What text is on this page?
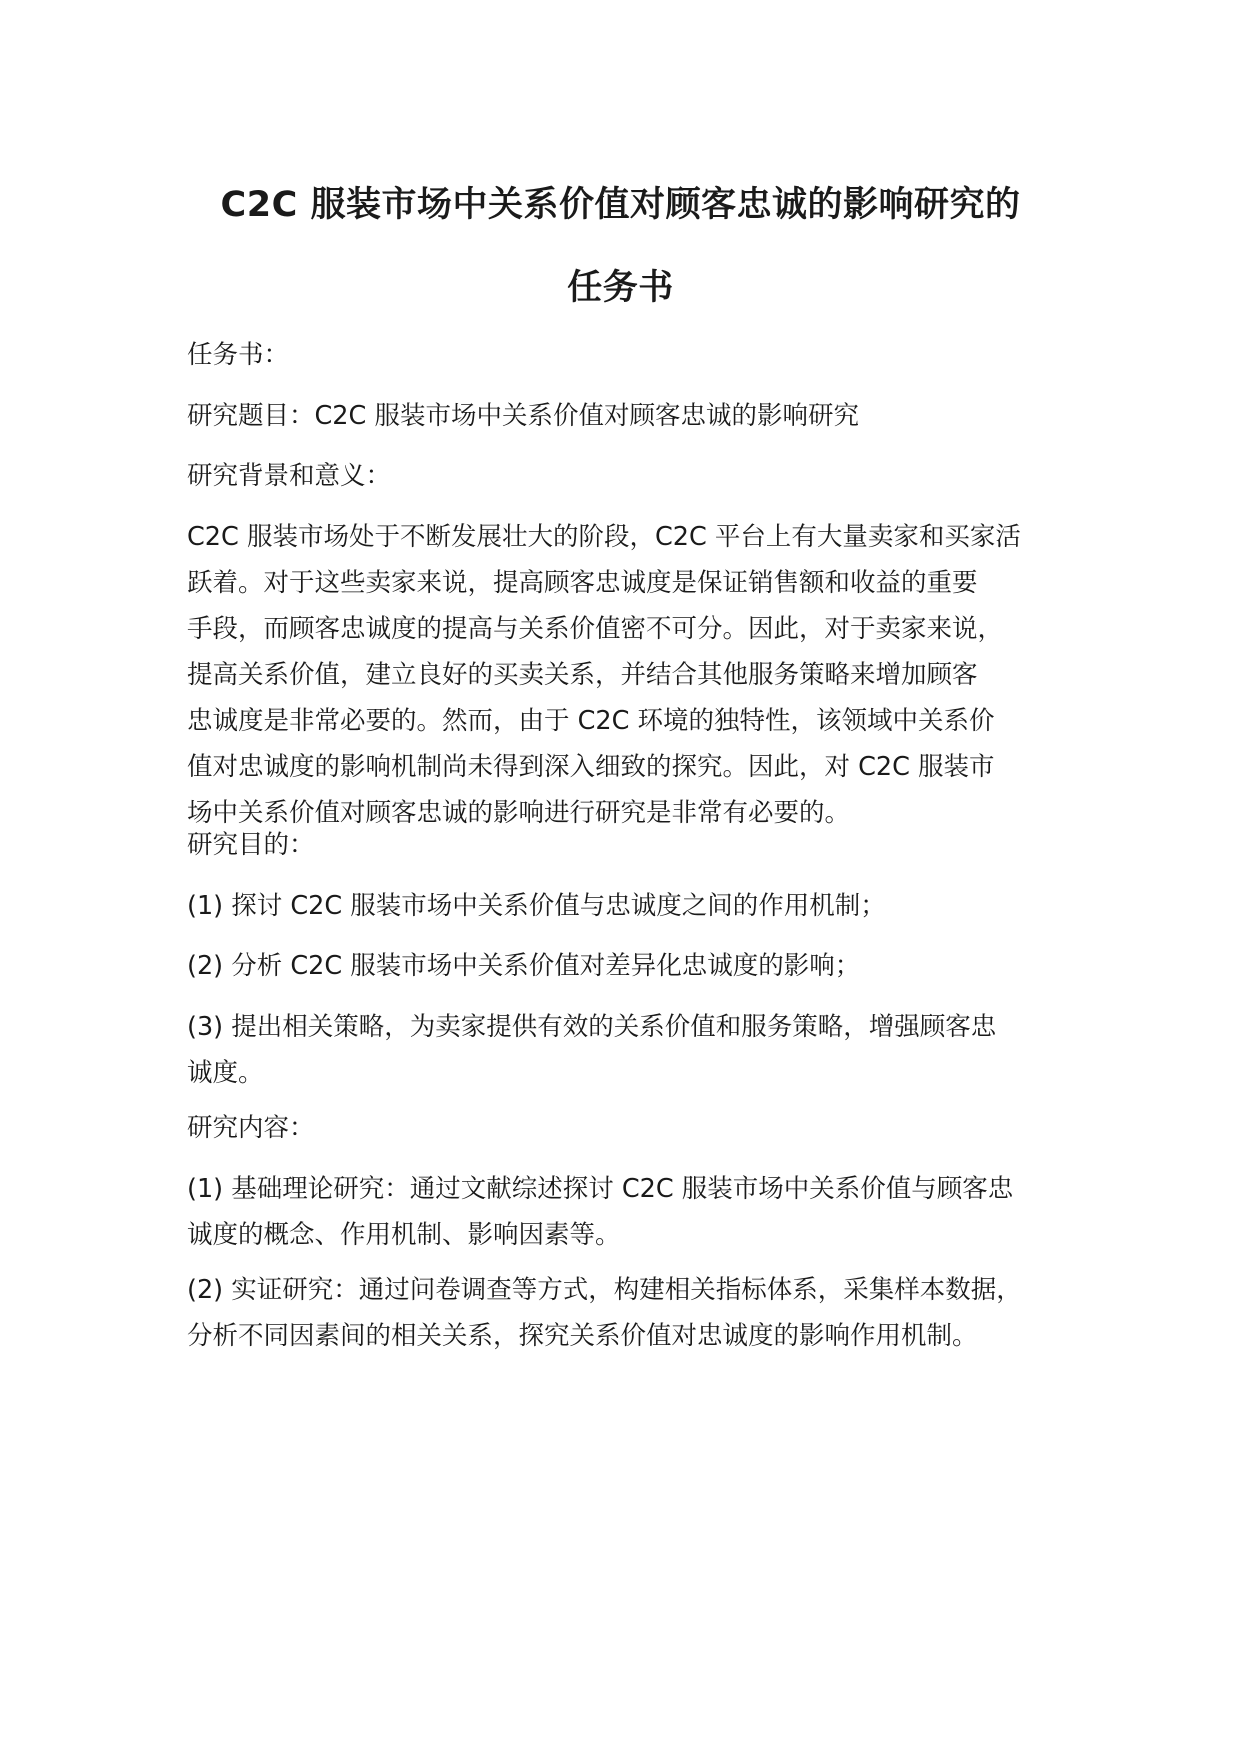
C2C 服装市场中关系价值对顾客忠诚的影响研究的
任务书

任务书：

研究题目：C2C 服装市场中关系价值对顾客忠诚的影响研究

研究背景和意义：

C2C 服装市场处于不断发展壮大的阶段，C2C 平台上有大量卖家和买家活
跃着。对于这些卖家来说，提高顾客忠诚度是保证销售额和收益的重要
手段，而顾客忠诚度的提高与关系价值密不可分。因此，对于卖家来说，
提高关系价值，建立良好的买卖关系，并结合其他服务策略来增加顾客
忠诚度是非常必要的。然而，由于 C2C 环境的独特性，该领域中关系价
值对忠诚度的影响机制尚未得到深入细致的探究。因此，对 C2C 服装市
场中关系价值对顾客忠诚的影响进行研究是非常有必要的。

研究目的：

(1) 探讨 C2C 服装市场中关系价值与忠诚度之间的作用机制；

(2) 分析 C2C 服装市场中关系价值对差异化忠诚度的影响；

(3) 提出相关策略，为卖家提供有效的关系价值和服务策略，增强顾客忠
诚度。

研究内容：

(1) 基础理论研究：通过文献综述探讨 C2C 服装市场中关系价值与顾客忠
诚度的概念、作用机制、影响因素等。

(2) 实证研究：通过问卷调查等方式，构建相关指标体系，采集样本数据，
分析不同因素间的相关关系，探究关系价值对忠诚度的影响作用机制。
